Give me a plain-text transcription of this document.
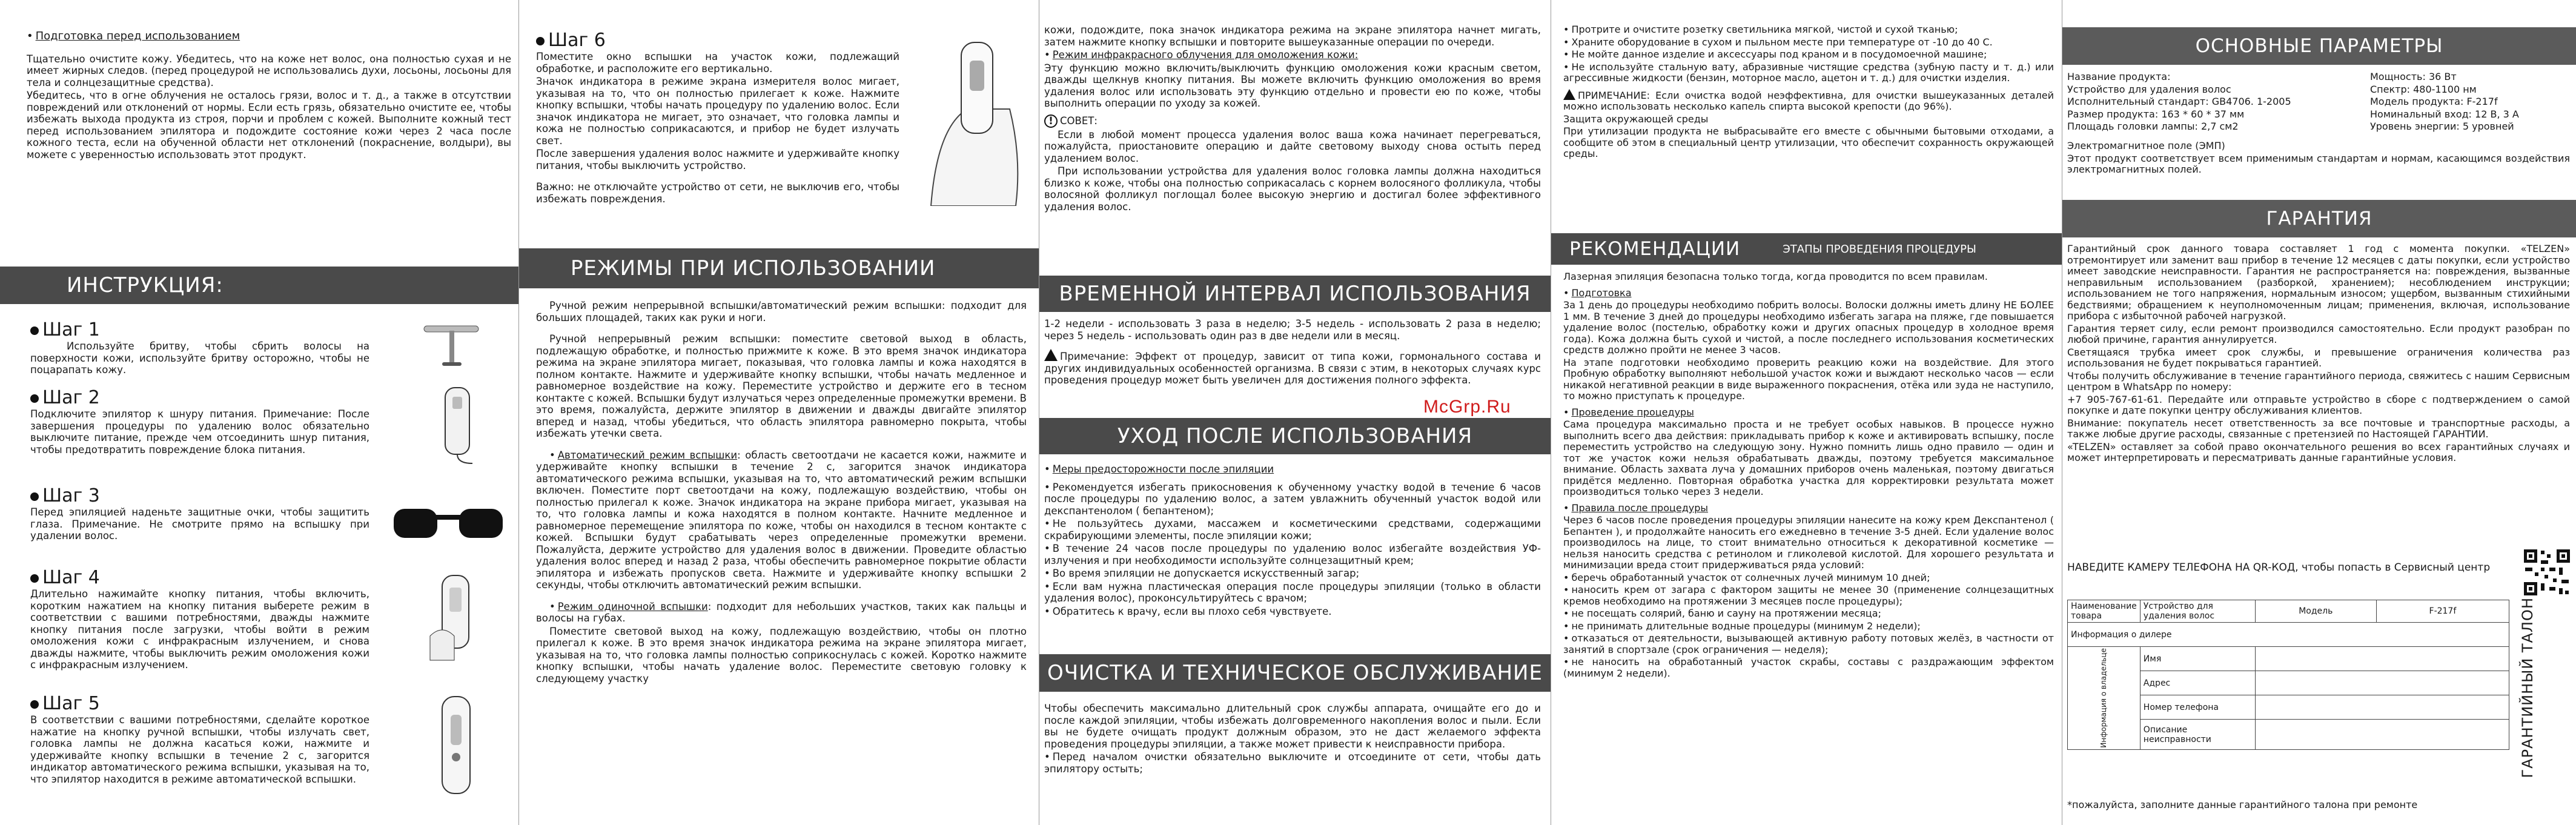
• Подготовка перед использованием

Тщательно очистите кожу. Убедитесь, что на коже нет волос, она полностью сухая и не имеет жирных следов. (перед процедурой не использовались духи, лосьоны, лосьоны для тела и солнцезащитные средства).

Убедитесь, что в огне облучения не осталось грязи, волос и т. д., а также в отсутствии повреждений или отклонений от нормы. Если есть грязь, обязательно очистите ее, чтобы избежать выхода продукта из строя, порчи и проблем с кожей. Выполните кожный тест перед использованием эпилятора и подождите состояние кожи через 2 часа после кожного теста, если на обученной области нет отклонений (покраснение, волдыри), вы можете с уверенностью использовать этот продукт.

ИНСТРУКЦИЯ:
Шаг 1

Используйте бритву, чтобы сбрить волосы на поверхности кожи, используйте бритву осторожно, чтобы не поцарапать кожу.

Шаг 2

Подключите эпилятор к шнуру питания. Примечание: После завершения процедуры по удалению волос обязательно выключите питание, прежде чем отсоединить шнур питания, чтобы предотвратить повреждение блока питания.

Шаг 3

Перед эпиляцией наденьте защитные очки, чтобы защитить глаза. Примечание. Не смотрите прямо на вспышку при удалении волос.

Шаг 4

Длительно нажимайте кнопку питания, чтобы включить, коротким нажатием на кнопку питания выберете режим в соответствии с вашими потребностями, дважды нажмите кнопку питания после загрузки, чтобы войти в режим омоложения кожи с инфракрасным излучением, и снова дважды нажмите, чтобы выключить режим омоложения кожи с инфракрасным излучением.

Шаг 5

В соответствии с вашими потребностями, сделайте короткое нажатие на кнопку ручной вспышки, чтобы излучать свет, головка лампы не должна касаться кожи, нажмите и удерживайте кнопку вспышки в течение 2 с, загорится индикатор автоматического режима вспышки, указывая на то, что эпилятор находится в режиме автоматической вспышки.

Шаг 6

Поместите окно вспышки на участок кожи, подлежащий обработке, и расположите его вертикально.

Значок индикатора в режиме экрана измерителя волос мигает, указывая на то, что он полностью прилегает к коже. Нажмите кнопку вспышки, чтобы начать процедуру по удалению волос. Если значок индикатора не мигает, это означает, что головка лампы и кожа не полностью соприкасаются, и прибор не будет излучать свет.

После завершения удаления волос нажмите и удерживайте кнопку питания, чтобы выключить устройство.

Важно: не отключайте устройство от сети, не выключив его, чтобы избежать повреждения.

РЕЖИМЫ ПРИ ИСПОЛЬЗОВАНИИ

Ручной режим непрерывной вспышки/автоматический режим вспышки: подходит для больших площадей, таких как руки и ноги.

Ручной непрерывный режим вспышки: поместите световой выход в область, подлежащую обработке, и полностью прижмите к коже. В это время значок индикатора режима на экране эпилятора мигает, показывая, что головка лампы и кожа находятся в полном контакте. Нажмите и удерживайте кнопку вспышки, чтобы начать медленное и равномерное воздействие на кожу. Переместите устройство и держите его в тесном контакте с кожей. Вспышки будут излучаться через определенные промежутки времени. В это время, пожалуйста, держите эпилятор в движении и дважды двигайте эпилятор вперед и назад, чтобы убедиться, что область эпилятора равномерно покрыта, чтобы избежать утечки света.

• Автоматический режим вспышки: область светоотдачи не касается кожи, нажмите и удерживайте кнопку вспышки в течение 2 с, загорится значок индикатора автоматического режима вспышки, указывая на то, что автоматический режим вспышки включен. Поместите порт светоотдачи на кожу, подлежащую воздействию, чтобы он полностью прилегал к коже. Значок индикатора на экране прибора мигает, указывая на то, что головка лампы и кожа находятся в полном контакте. Начните медленное и равномерное перемещение эпилятора по коже, чтобы он находился в тесном контакте с кожей. Вспышки будут срабатывать через определенные промежутки времени. Пожалуйста, держите устройство для удаления волос в движении. Проведите областью удаления волос вперед и назад 2 раза, чтобы обеспечить равномерное покрытие области эпилятора и избежать пропусков света. Нажмите и удерживайте кнопку вспышки 2 секунды, чтобы отключить автоматический режим вспышки.

• Режим одиночной вспышки: подходит для небольших участков, таких как пальцы и волосы на губах.

Поместите световой выход на кожу, подлежащую воздействию, чтобы он плотно прилегал к коже. В это время значок индикатора режима на экране эпилятора мигает, указывая на то, что головка лампы полностью соприкоснулась с кожей. Коротко нажмите кнопку вспышки, чтобы начать удаление волос. Переместите световую головку к следующему участку

кожи, подождите, пока значок индикатора режима на экране эпилятора начнет мигать, затем нажмите кнопку вспышки и повторите вышеуказанные операции по очереди.

• Режим инфракрасного облучения для омоложения кожи:

Эту функцию можно включить/выключить функцию омоложения кожи красным светом, дважды щелкнув кнопку питания. Вы можете включить функцию омоложения во время удаления волос или использовать эту функцию отдельно и провести ею по коже, чтобы выполнить операции по уходу за кожей.

! СОВЕТ:

Если в любой момент процесса удаления волос ваша кожа начинает перегреваться, пожалуйста, приостановите операцию и дайте световому выходу снова остыть перед удалением волос.

При использовании устройства для удаления волос головка лампы должна находиться близко к коже, чтобы она полностью соприкасалась с корнем волосяного фолликула, чтобы волосяной фолликул поглощал более высокую энергию и достигал более эффективного удаления волос.

ВРЕМЕННОЙ ИНТЕРВАЛ ИСПОЛЬЗОВАНИЯ

1-2 недели - использовать 3 раза в неделю; 3-5 недель - использовать 2 раза в неделю; через 5 недель - использовать один раз в две недели или в месяц.

Примечание: Эффект от процедур, зависит от типа кожи, гормонального состава и других индивидуальных особенностей организма. В связи с этим, в некоторых случаях курс проведения процедур может быть увеличен для достижения полного эффекта.

УХОД ПОСЛЕ ИСПОЛЬЗОВАНИЯ

• Меры предосторожности после эпиляции

• Рекомендуется избегать прикосновения к обученному участку водой в течение 6 часов после процедуры по удалению волос, а затем увлажнить обученный участок водой или декспантенолом ( бепантеном);

• Не пользуйтесь духами, массажем и косметическими средствами, содержащими скрабирующими элементы, после эпиляции кожи;

• В течение 24 часов после процедуры по удалению волос избегайте воздействия УФ-излучения и при необходимости используйте солнцезащитный крем;

• Во время эпиляции не допускается искусственный загар;

• Если вам нужна пластическая операция после процедуры эпиляции (только в области удаления волос), проконсультируйтесь с врачом;

• Обратитесь к врачу, если вы плохо себя чувствуете.

ОЧИСТКА И ТЕХНИЧЕСКОЕ ОБСЛУЖИВАНИЕ

Чтобы обеспечить максимально длительный срок службы аппарата, очищайте его до и после каждой эпиляции, чтобы избежать долговременного накопления волос и пыли. Если вы не будете очищать продукт должным образом, это не даст желаемого эффекта проведения процедуры эпиляции, а также может привести к неисправности прибора.

• Перед началом очистки обязательно выключите и отсоедините от сети, чтобы дать эпилятору остыть;

• Протрите и очистите розетку светильника мягкой, чистой и сухой тканью;

• Храните оборудование в сухом и пыльном месте при температуре от -10 до 40 С.

• Не мойте данное изделие и аксессуары под краном и в посудомоечной машине;

• Не используйте стальную вату, абразивные чистящие средства (зубную пасту и т. д.) или агрессивные жидкости (бензин, моторное масло, ацетон и т. д.) для очистки изделия.

ПРИМЕЧАНИЕ: Если очистка водой неэффективна, для очистки вышеуказанных деталей можно использовать несколько капель спирта высокой крепости (до 96%).

Защита окружающей среды

При утилизации продукта не выбрасывайте его вместе с обычными бытовыми отходами, а сообщите об этом в специальный центр утилизации, что обеспечит сохранность окружающей среды.

РЕКОМЕНДАЦИИ	ЭТАПЫ ПРОВЕДЕНИЯ ПРОЦЕДУРЫ

Лазерная эпиляция безопасна только тогда, когда проводится по всем правилам.

• Подготовка

За 1 день до процедуры необходимо побрить волосы. Волоски должны иметь длину НЕ БОЛЕЕ 1 мм. В течение 3 дней до процедуры необходимо избегать загара на пляже, где повышается удаление волос (постелью, обработку кожи и других опасных процедур в холодное время года). Кожа должна быть сухой и чистой, а после последнего использования косметических средств должно пройти не менее 3 часов.

На этапе подготовки необходимо проверить реакцию кожи на воздействие. Для этого Пробную обработку выполняют небольшой участок кожи и выждают несколько часов — если никакой негативной реакции в виде выраженного покраснения, отёка или зуда не наступило, то можно приступать к процедуре.

• Проведение процедуры

Сама процедура максимально проста и не требует особых навыков. В процессе нужно выполнить всего два действия: прикладывать прибор к коже и активировать вспышку, после переместить устройство на следующую зону. Нужно помнить лишь одно правило — один и тот же участок кожи нельзя обрабатывать дважды, поэтому требуется максимальное внимание. Область захвата луча у домашних приборов очень маленькая, поэтому двигаться придётся медленно. Повторная обработка участка для корректировки результата может производиться только через 3 недели.

• Правила после процедуры

Через 6 часов после проведения процедуры эпиляции нанесите на кожу крем Декспантенол ( Бепантен ), и продолжайте наносить его ежедневно в течение 3-5 дней. Если удаление волос производилось на лице, то стоит внимательно относиться к декоративной косметике — нельзя наносить средства с ретинолом и гликолевой кислотой. Для хорошего результата и минимизации вреда стоит придерживаться ряда условий:

• беречь обработанный участок от солнечных лучей минимум 10 дней;

• наносить крем от загара с фактором защиты не менее 30 (применение солнцезащитных кремов необходимо на протяжении 3 месяцев после процедуры);

• не посещать солярий, баню и сауну на протяжении месяца;

• не принимать длительные водные процедуры (минимум 2 недели);

• отказаться от деятельности, вызывающей активную работу потовых желёз, в частности от занятий в спортзале (срок ограничения — неделя);

• не наносить на обработанный участок скрабы, составы с раздражающим эффектом (минимум 2 недели).

ОСНОВНЫЕ ПАРАМЕТРЫ

Название продукта:

Устройство для удаления волос

Исполнительный стандарт: GB4706. 1-2005

Размер продукта: 163 * 60 * 37 мм

Площадь головки лампы: 2,7 см2

Мощность: 36 Вт

Спектр: 480-1100 нм

Модель продукта: F-217f

Номинальный вход: 12 В, 3 А

Уровень энергии: 5 уровней

Электромагнитное поле (ЭМП)

Этот продукт соответствует всем применимым стандартам и нормам, касающимся воздействия электромагнитных полей.

ГАРАНТИЯ

Гарантийный срок данного товара составляет 1 год с момента покупки. «TELZEN» отремонтирует или заменит ваш прибор в течение 12 месяцев с даты покупки, если устройство имеет заводские неисправности. Гарантия не распространяется на: повреждения, вызванные неправильным использованием (разборкой, хранением); несоблюдением инструкции; использованием не того напряжения, нормальным износом; ущербом, вызванным стихийными бедствиями; обращением к неуполномоченным лицам; применения, включая, использование прибора с избыточной рабочей нагрузкой.

Гарантия теряет силу, если ремонт производился самостоятельно. Если продукт разобран по любой причине, гарантия аннулируется.

Светящаяся трубка имеет срок службы, и превышение ограничения количества раз использования не будет покрываться гарантией.

Чтобы получить обслуживание в течение гарантийного периода, свяжитесь с нашим Сервисным центром в WhatsApp по номеру:

+7 905-767-61-61. Передайте или отправьте устройство в сборе с подтверждением о самой покупке и дате покупки центру обслуживания клиентов.

Внимание: покупатель несет ответственность за все почтовые и транспортные расходы, а также любые другие расходы, связанные с претензией по Настоящей ГАРАНТИИ.

«TELZEN» оставляет за собой право окончательного решения во всех гарантийных случаях и может интерпретировать и пересматривать данные гарантийные условия.

НАВЕДИТЕ КАМЕРУ ТЕЛЕФОНА НА QR-КОД, чтобы попасть в Сервисный центр

Наименование товара	Устройство для удаления волос	Модель	F-217f
Информация о дилере			

Информация о владельце	Имя		
	Адрес		
	Номер телефона		
	Описание неисправности			ГАРАНТИЙНЫЙ ТАЛОН

*пожалуйста, заполните данные гарантийного талона при ремонте

McGrp.Ru
